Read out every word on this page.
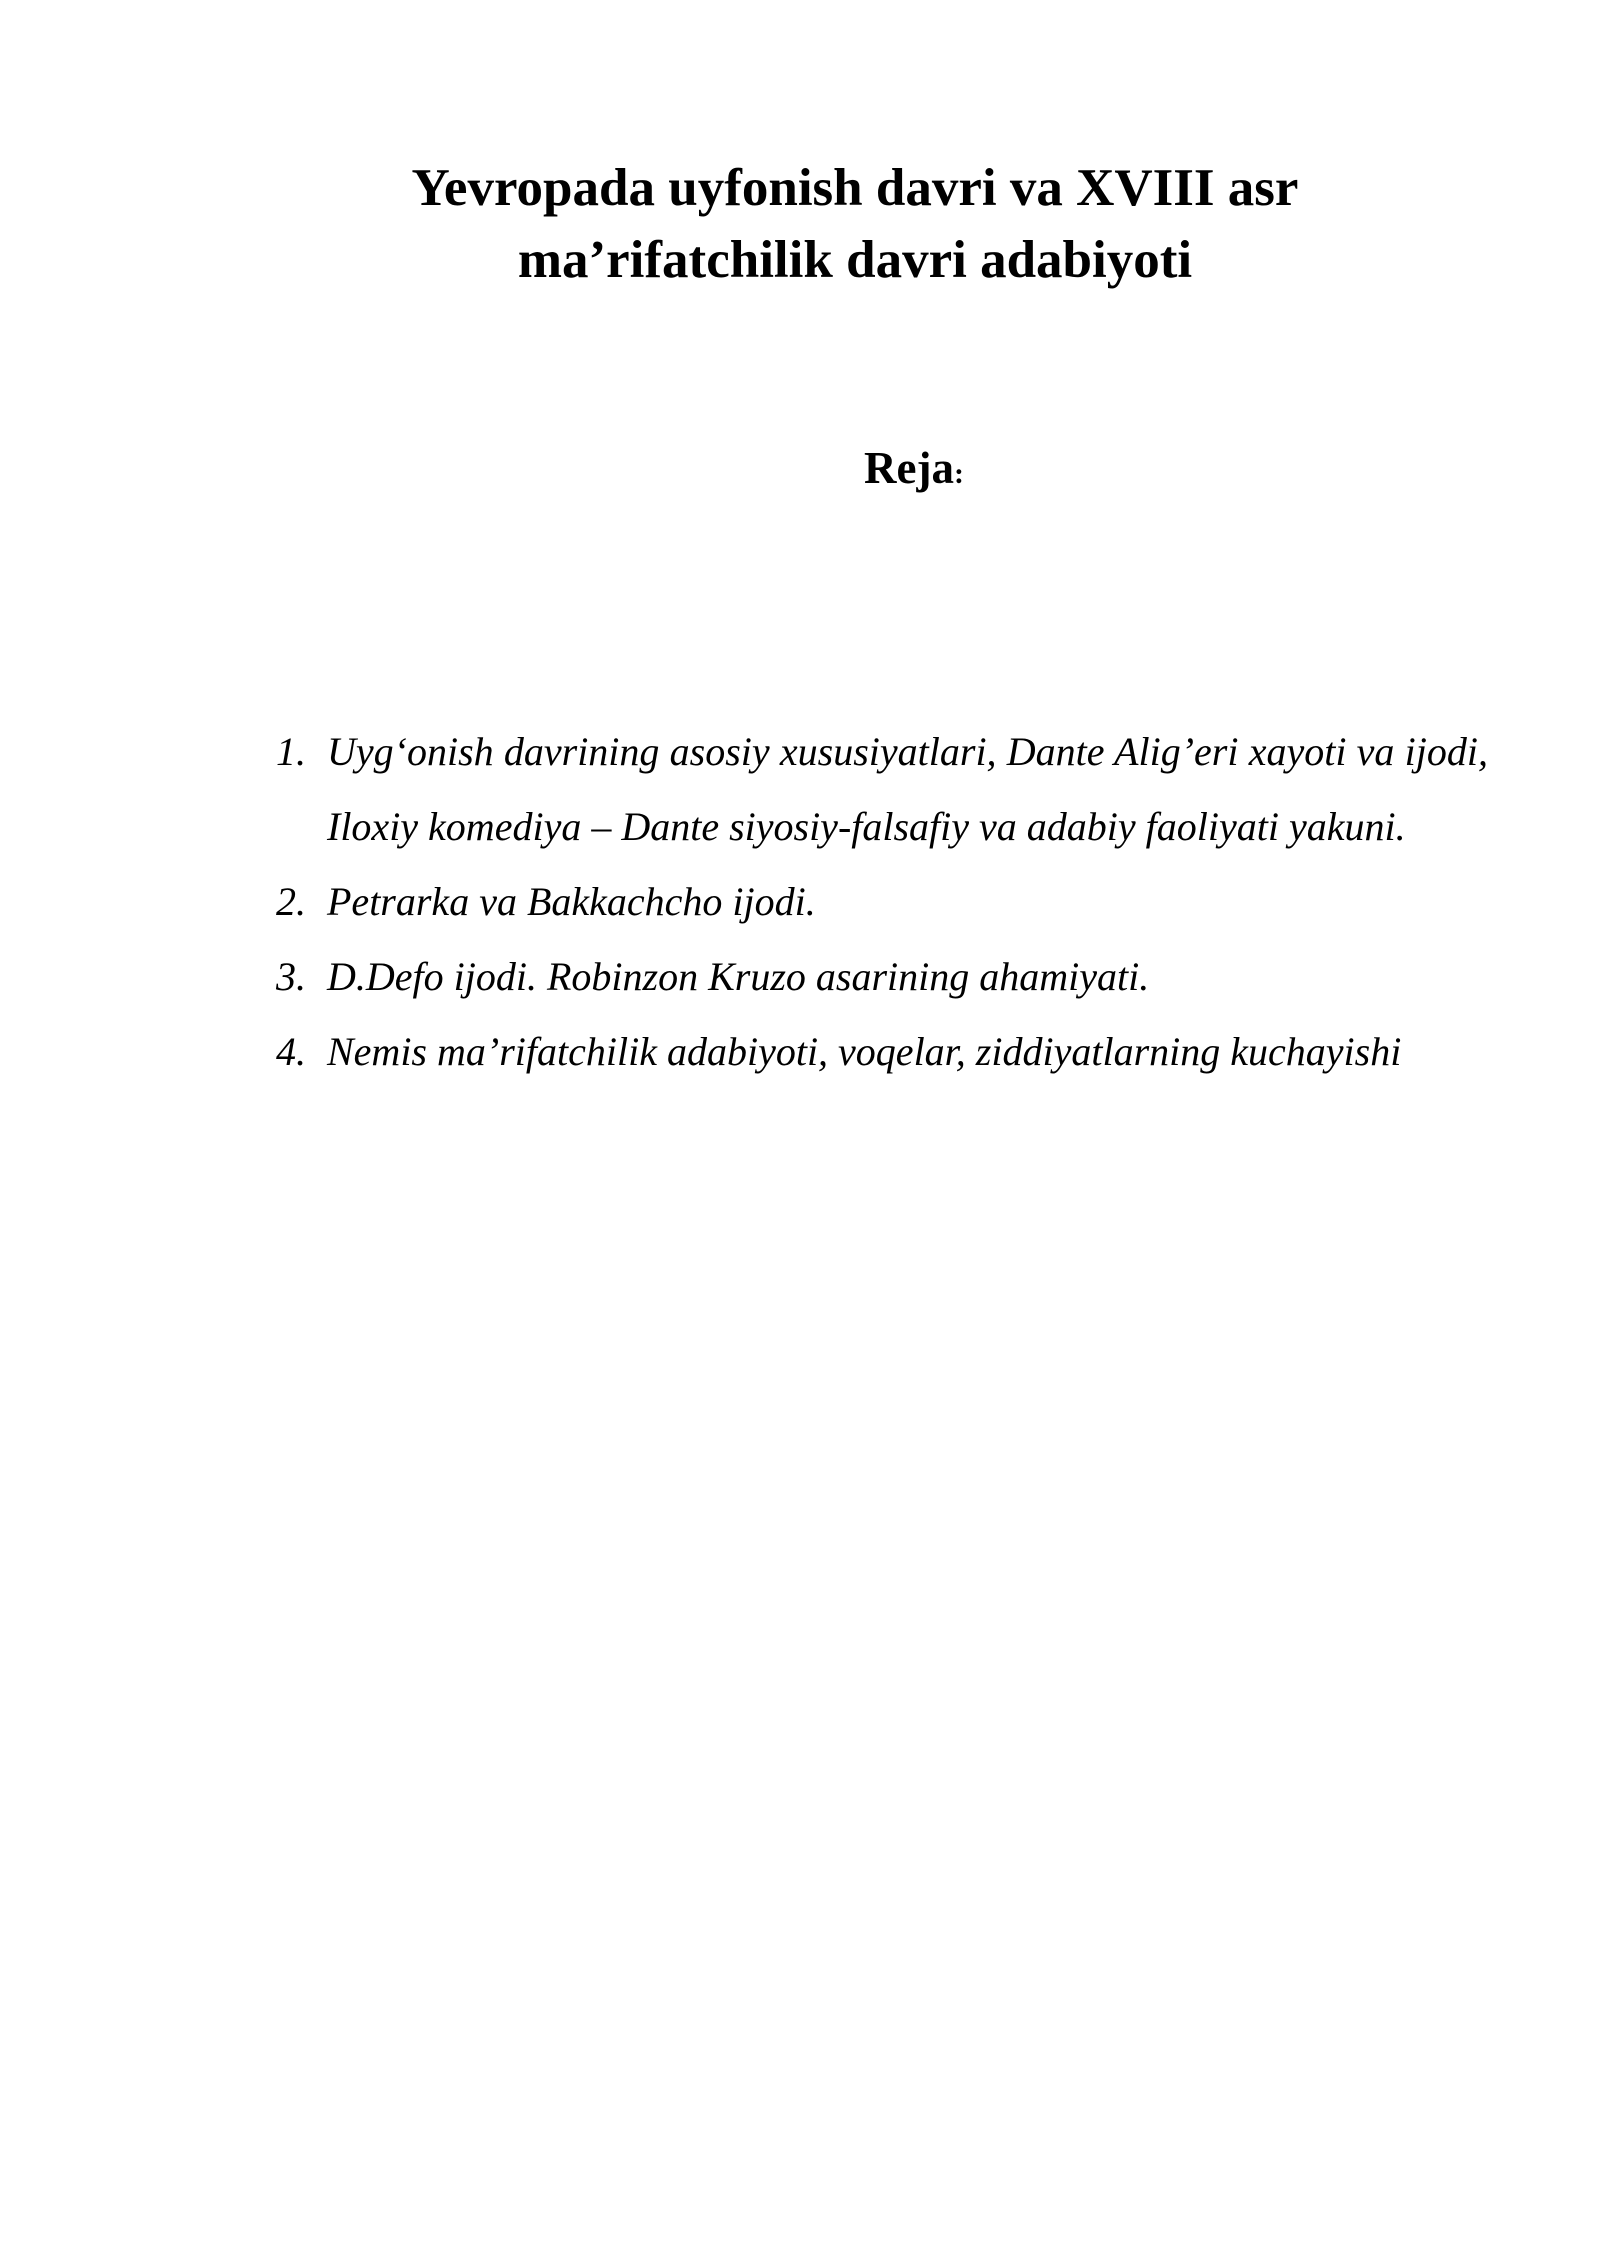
Yevropada uyfonish davri va XVIII asr
ma’rifatchilik davri adabiyoti
Reja:
1. Uyg‘onish davrining asosiy xususiyatlari, Dante Alig’eri xayoti va ijodi, Iloxiy komediya – Dante siyosiy-falsafiy va adabiy faoliyati yakuni.
2. Petrarka va Bakkachcho ijodi.
3. D.Defo ijodi. Robinzon Kruzo asarining ahamiyati.
4. Nemis ma’rifatchilik adabiyoti, voqelar, ziddiyatlarning kuchayishi
